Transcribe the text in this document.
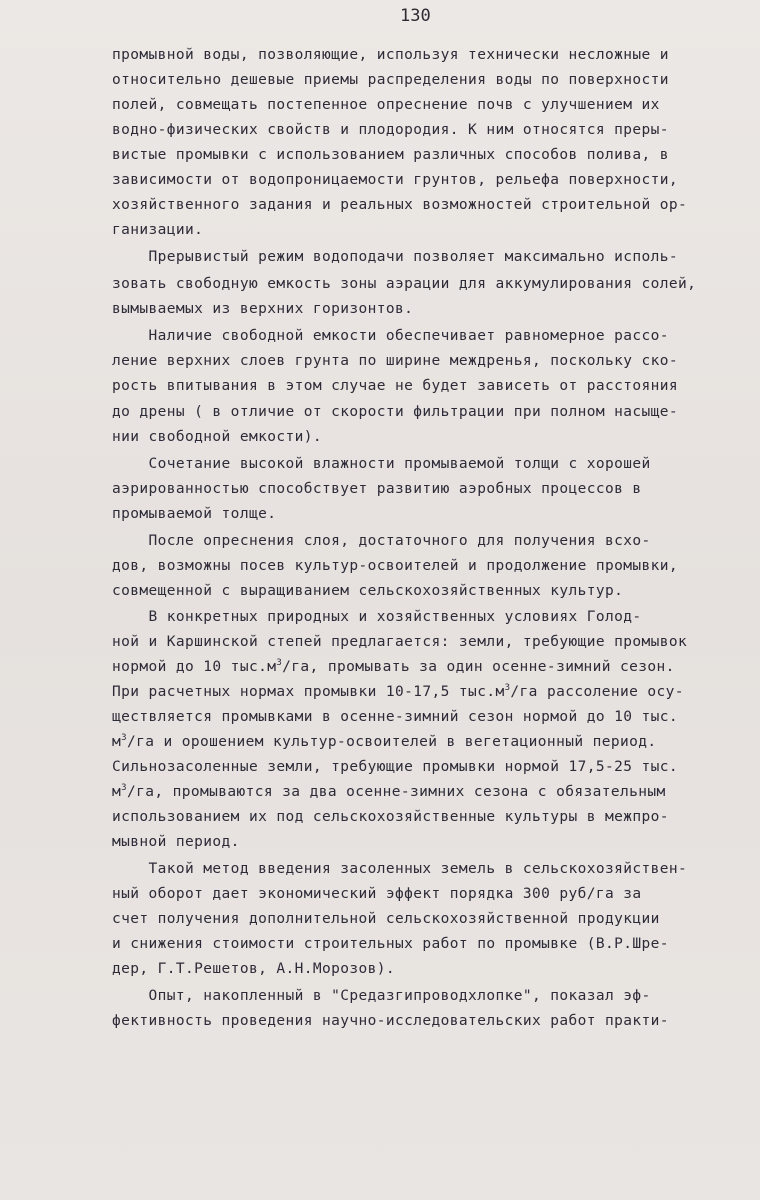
130
промывной воды, позволяющие, используя технически несложные и
относительно дешевые приемы распределения воды по поверхности
полей, совмещать постепенное опреснение почв с улучшением их
водно-физических свойств и плодородия. К ним относятся преры-
вистые промывки с использованием различных способов полива, в
зависимости от водопроницаемости грунтов, рельефа поверхности,
хозяйственного задания и реальных возможностей строительной ор-
ганизации.
Прерывистый режим водоподачи позволяет максимально исполь-
зовать свободную емкость зоны аэрации для аккумулирования солей,
вымываемых из верхних горизонтов.
Наличие свободной емкости обеспечивает равномерное рассо-
ление верхних слоев грунта по ширине междренья, поскольку ско-
рость впитывания в этом случае не будет зависеть от расстояния
до дрены ( в отличие от скорости фильтрации при полном насыще-
нии свободной емкости).
Сочетание высокой влажности промываемой толщи с хорошей
аэрированностью способствует развитию аэробных процессов в
промываемой толще.
После опреснения слоя, достаточного для получения всхо-
дов, возможны посев культур-освоителей и продолжение промывки,
совмещенной с выращиванием сельскохозяйственных культур.
В конкретных природных и хозяйственных условиях Голод-
ной и Каршинской степей предлагается: земли, требующие промывок
нормой до 10 $тыс.м^3/га$, промывать за один осенне-зимний сезон.
При расчетных нормах промывки 10-17,5 $тыс.м^3/га$ рассоление осу-
ществляется промывками в осенне-зимний сезон нормой до 10 тыс.
$м^3/га$ и орошением культур-освоителей в вегетационный период.
Сильнозасоленные земли, требующие промывки нормой 17,5-25 тыс.
$м^3/га$, промываются за два осенне-зимних сезона с обязательным
использованием их под сельскохозяйственные культуры в межпро-
мывной период.
Такой метод введения засоленных земель в сельскохозяйствен-
ный оборот дает экономический эффект порядка 300 руб/га за
счет получения дополнительной сельскохозяйственной продукции
и снижения стоимости строительных работ по промывке (В.Р.Шре-
дер, Г.Т.Решетов, А.Н.Морозов).
Опыт, накопленный в "Средазгипроводхлопке", показал эф-
фективность проведения научно-исследовательских работ практи-
